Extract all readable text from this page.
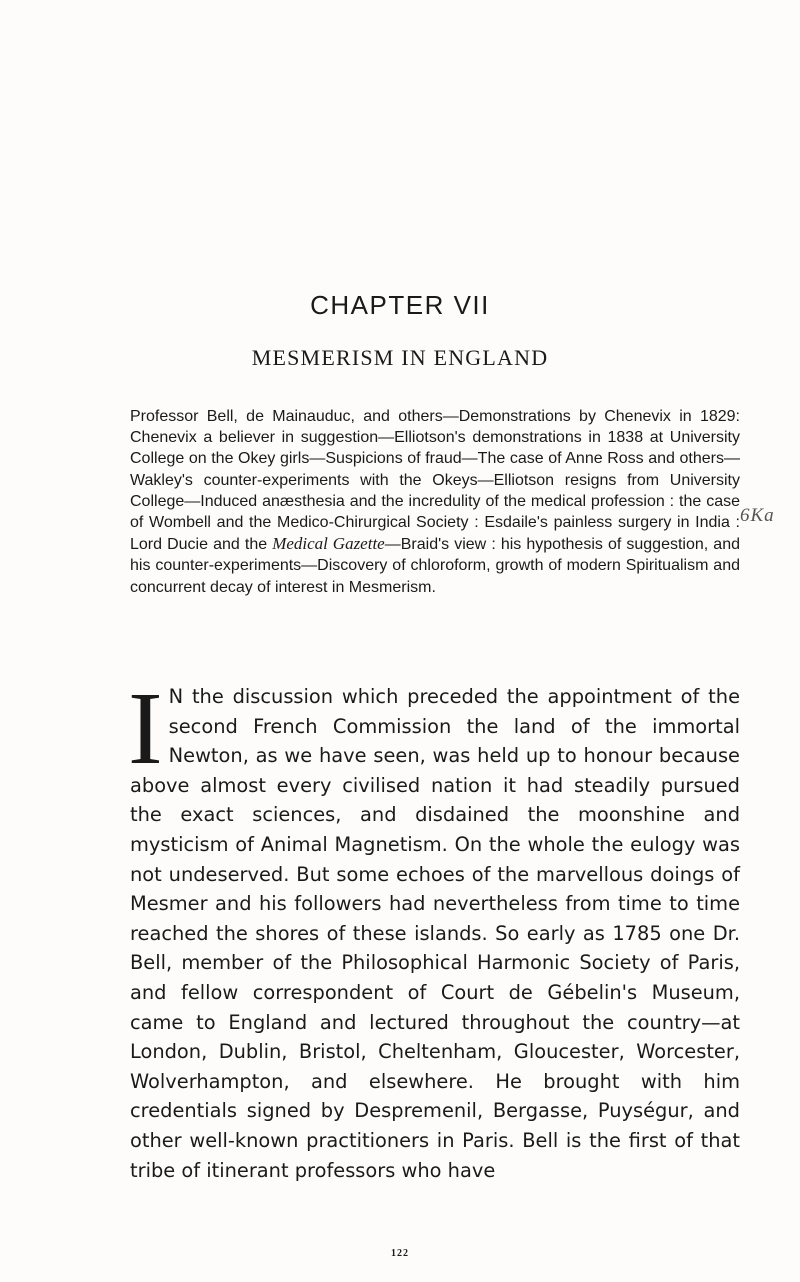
CHAPTER VII
MESMERISM IN ENGLAND

Professor Bell, de Mainauduc, and others—Demonstrations by Chenevix in 1829: Chenevix a believer in suggestion—Elliotson's demonstrations in 1838 at University College on the Okey girls—Suspicions of fraud—The case of Anne Ross and others—Wakley's counter-experiments with the Okeys—Elliotson resigns from University College—Induced anæsthesia and the incredulity of the medical profession : the case of Wombell and the Medico-Chirurgical Society : Esdaile's painless surgery in India : Lord Ducie and the Medical Gazette—Braid's view : his hypothesis of suggestion, and his counter-experiments—Discovery of chloroform, growth of modern Spiritualism and concurrent decay of interest in Mesmerism.

I N the discussion which preceded the appointment of the second French Commission the land of the immortal Newton, as we have seen, was held up to honour because above almost every civilised nation it had steadily pursued the exact sciences, and disdained the moonshine and mysticism of Animal Magnetism. On the whole the eulogy was not undeserved. But some echoes of the marvellous doings of Mesmer and his followers had nevertheless from time to time reached the shores of these islands. So early as 1785 one Dr. Bell, member of the Philosophical Harmonic Society of Paris, and fellow correspondent of Court de Gébelin's Museum, came to England and lectured throughout the country—at London, Dublin, Bristol, Cheltenham, Gloucester, Worcester, Wolverhampton, and elsewhere. He brought with him credentials signed by Despremenil, Bergasse, Puységur, and other well-known practitioners in Paris. Bell is the first of that tribe of itinerant professors who have

6Ka
122
